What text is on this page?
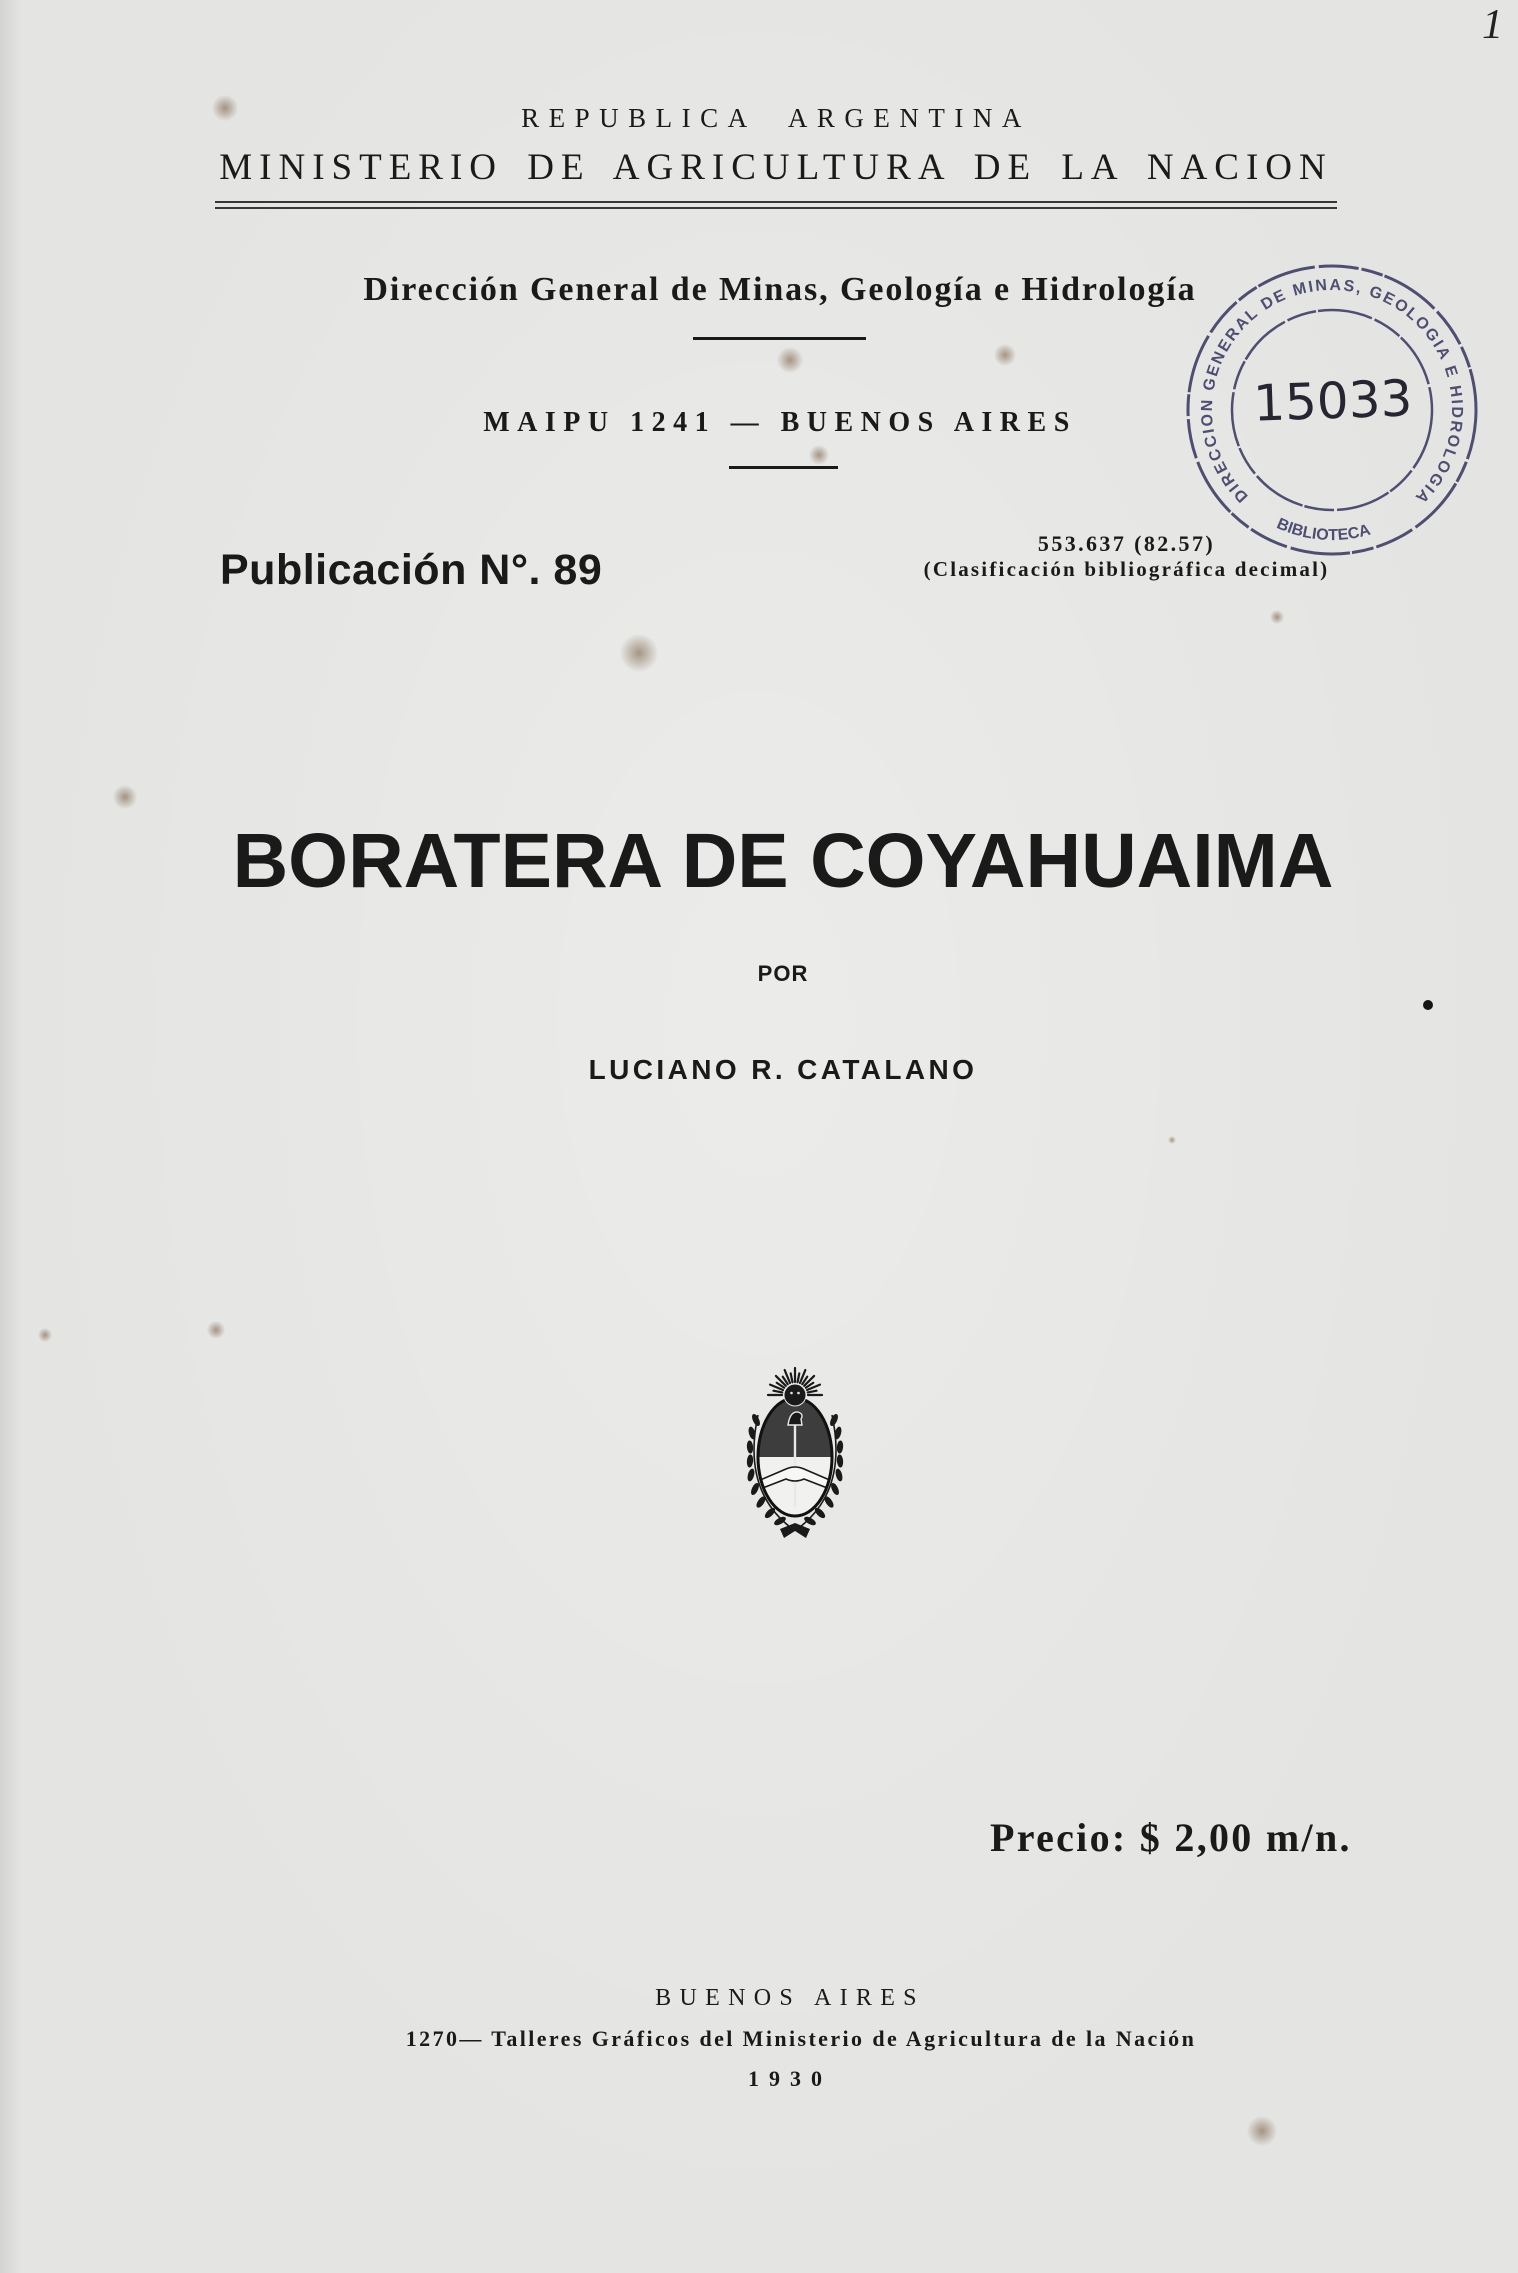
REPUBLICA ARGENTINA

MINISTERIO DE AGRICULTURA DE LA NACION

Dirección General de Minas, Geología e Hidrología

MAIPU 1241 — BUENOS AIRES

Publicación N°. 89

553.637 (82.57)

(Clasificación bibliográfica decimal)

DIRECCION GENERAL DE MINAS, GEOLOGIA E HIDROLOGIA
BIBLIOTECA
15033

1

BORATERA DE COYAHUAIMA

POR

LUCIANO R. CATALANO

Precio: $ 2,00 m/n.

BUENOS AIRES

1270— Talleres Gráficos del Ministerio de Agricultura de la Nación

1930
